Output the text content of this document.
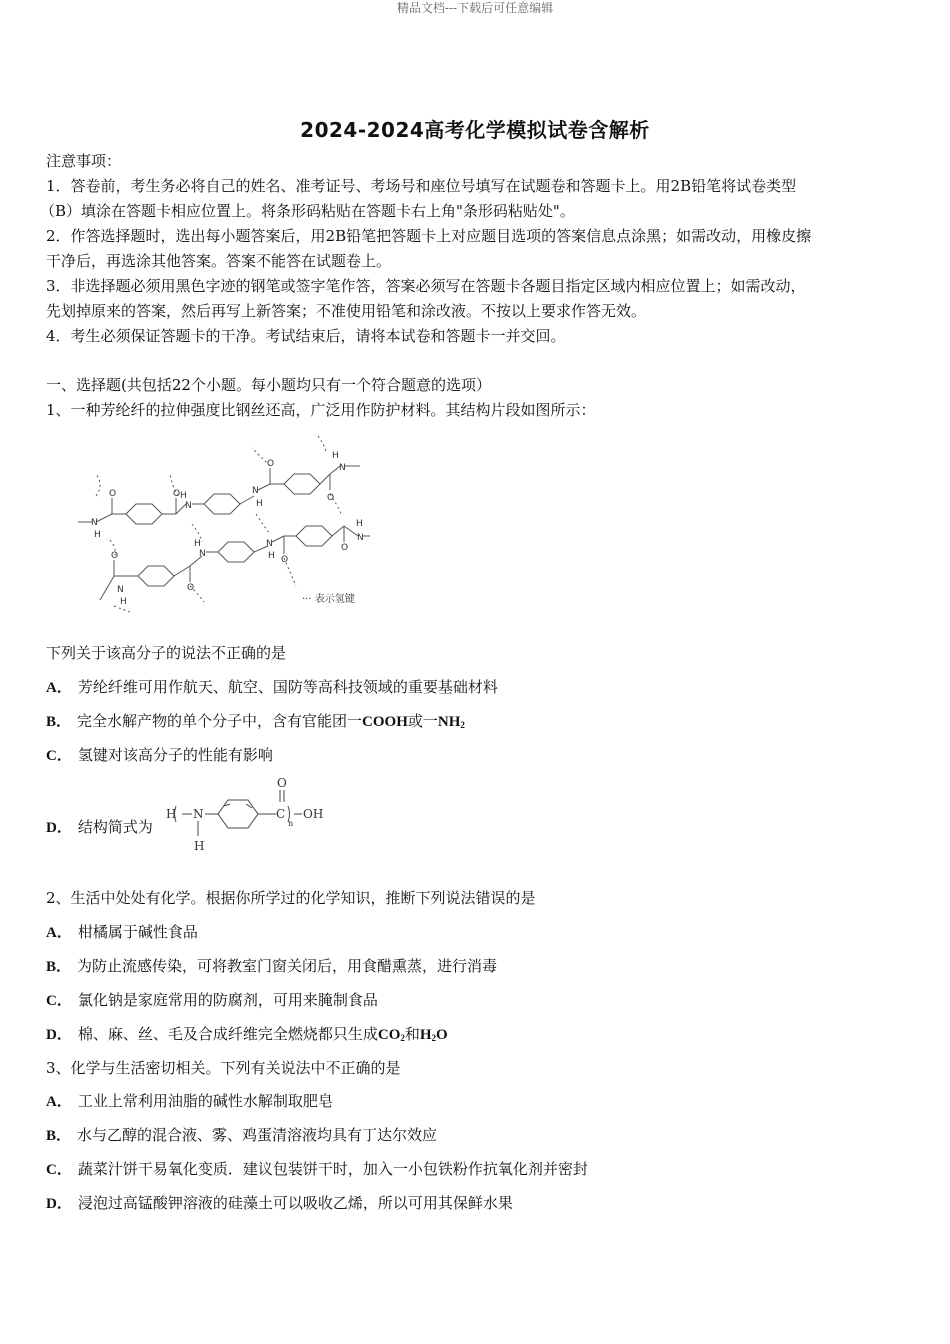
精品文档---下载后可任意编辑
2024-2024高考化学模拟试卷含解析
注意事项：
1．答卷前，考生务必将自己的姓名、准考证号、考场号和座位号填写在试题卷和答题卡上。用2B铅笔将试卷类型
（B）填涂在答题卡相应位置上。将条形码粘贴在答题卡右上角"条形码粘贴处"。
2．作答选择题时，选出每小题答案后，用2B铅笔把答题卡上对应题目选项的答案信息点涂黑；如需改动，用橡皮擦
干净后，再选涂其他答案。答案不能答在试题卷上。
3．非选择题必须用黑色字迹的钢笔或签字笔作答，答案必须写在答题卡各题目指定区域内相应位置上；如需改动，
先划掉原来的答案，然后再写上新答案；不准使用铅笔和涂改液。不按以上要求作答无效。
4．考生必须保证答题卡的干净。考试结束后，请将本试卷和答题卡一并交回。
一、选择题(共包括22个小题。每小题均只有一个符合题意的选项）
1、一种芳纶纤的拉伸强度比钢丝还高，广泛用作防护材料。其结构片段如图所示：
N
H
O	O
N
H	N
H
O
O
N
H
O
N
H
O
N
H	N
H O
O
N
H
··· 表示氢键
下列关于该高分子的说法不正确的是
A． 芳纶纤维可用作航天、航空、国防等高科技领域的重要基础材料
B． 完全水解产物的单个分子中，含有官能团一COOH或一$NH_2$
C． 氢键对该高分子的性能有影响
D． 结构简式为
H N
H
C
O
n
OH
2、生活中处处有化学。根据你所学过的化学知识，推断下列说法错误的是
A． 柑橘属于碱性食品
B． 为防止流感传染，可将教室门窗关闭后，用食醋熏蒸，进行消毒
C． 氯化钠是家庭常用的防腐剂，可用来腌制食品
D． 棉、麻、丝、毛及合成纤维完全燃烧都只生成$CO_2$和$H_2O$
3、化学与生活密切相关。下列有关说法中不正确的是
A． 工业上常利用油脂的碱性水解制取肥皂
B． 水与乙醇的混合液、雾、鸡蛋清溶液均具有丁达尔效应
C． 蔬菜汁饼干易氧化变质．建议包装饼干时，加入一小包铁粉作抗氧化剂并密封
D． 浸泡过高锰酸钾溶液的硅藻土可以吸收乙烯，所以可用其保鲜水果
